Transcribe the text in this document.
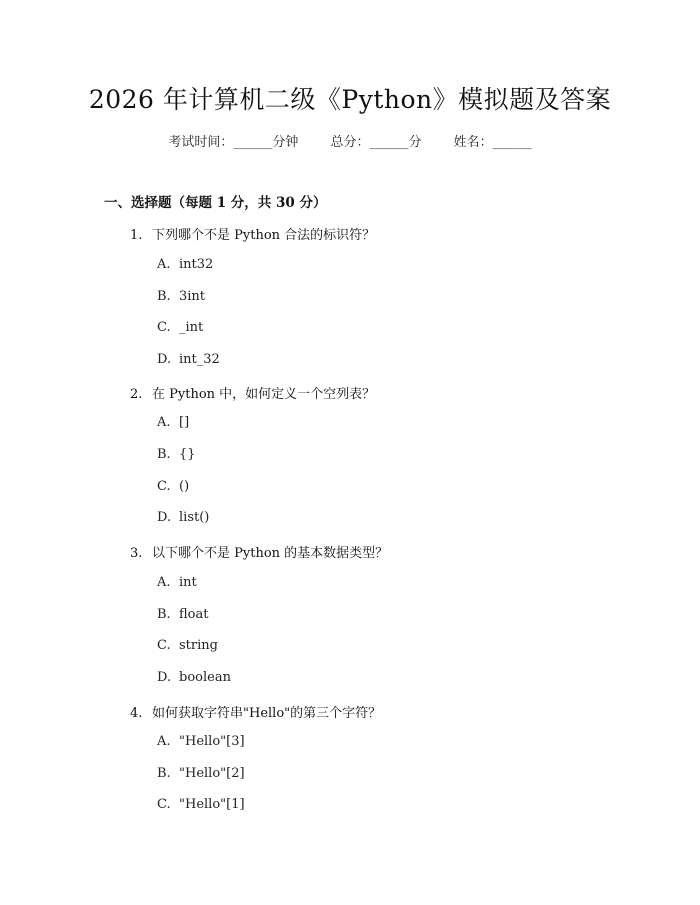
2026 年计算机二级《Python》模拟题及答案
考试时间：______分钟 总分：______分 姓名：______
一、选择题（每题 1 分，共 30 分）
1. 下列哪个不是 Python 合法的标识符？
A. int32
B. 3int
C. _int
D. int_32
2. 在 Python 中，如何定义一个空列表？
A. []
B. {}
C. ()
D. list()
3. 以下哪个不是 Python 的基本数据类型？
A. int
B. float
C. string
D. boolean
4. 如何获取字符串"Hello"的第三个字符？
A. "Hello"[3]
B. "Hello"[2]
C. "Hello"[1]
